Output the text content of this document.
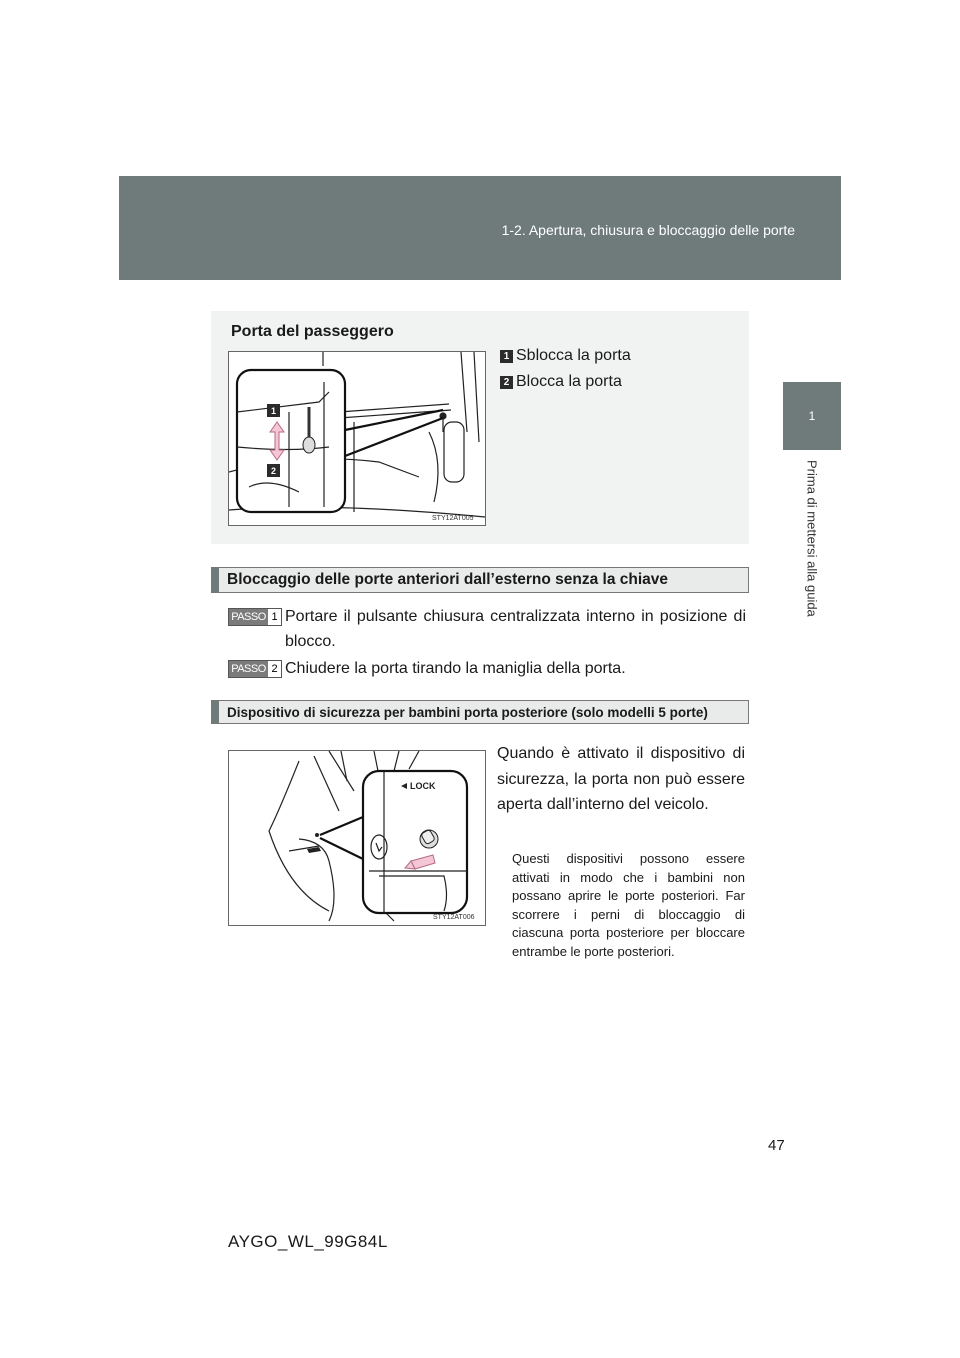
1-2. Apertura, chiusura e bloccaggio delle porte
1
Prima di mettersi alla guida
Porta del passeggero
1
2
STY12AT005
1 Sblocca la porta
2 Blocca la porta
Bloccaggio delle porte anteriori dall’esterno senza la chiave
PASSO 1 Portare il pulsante chiusura centralizzata interno in posizione di blocco.
PASSO 2 Chiudere la porta tirando la maniglia della porta.
Dispositivo di sicurezza per bambini porta posteriore (solo modelli 5 porte)
LOCK
STY12AT006
Quando è attivato il dispositivo di sicurezza, la porta non può essere aperta dall’interno del veicolo.
Questi dispositivi possono essere attivati in modo che i bambini non possano aprire le porte posteriori. Far scorrere i perni di bloccaggio di ciascuna porta posteriore per bloccare entrambe le porte posteriori.
47
AYGO_WL_99G84L
